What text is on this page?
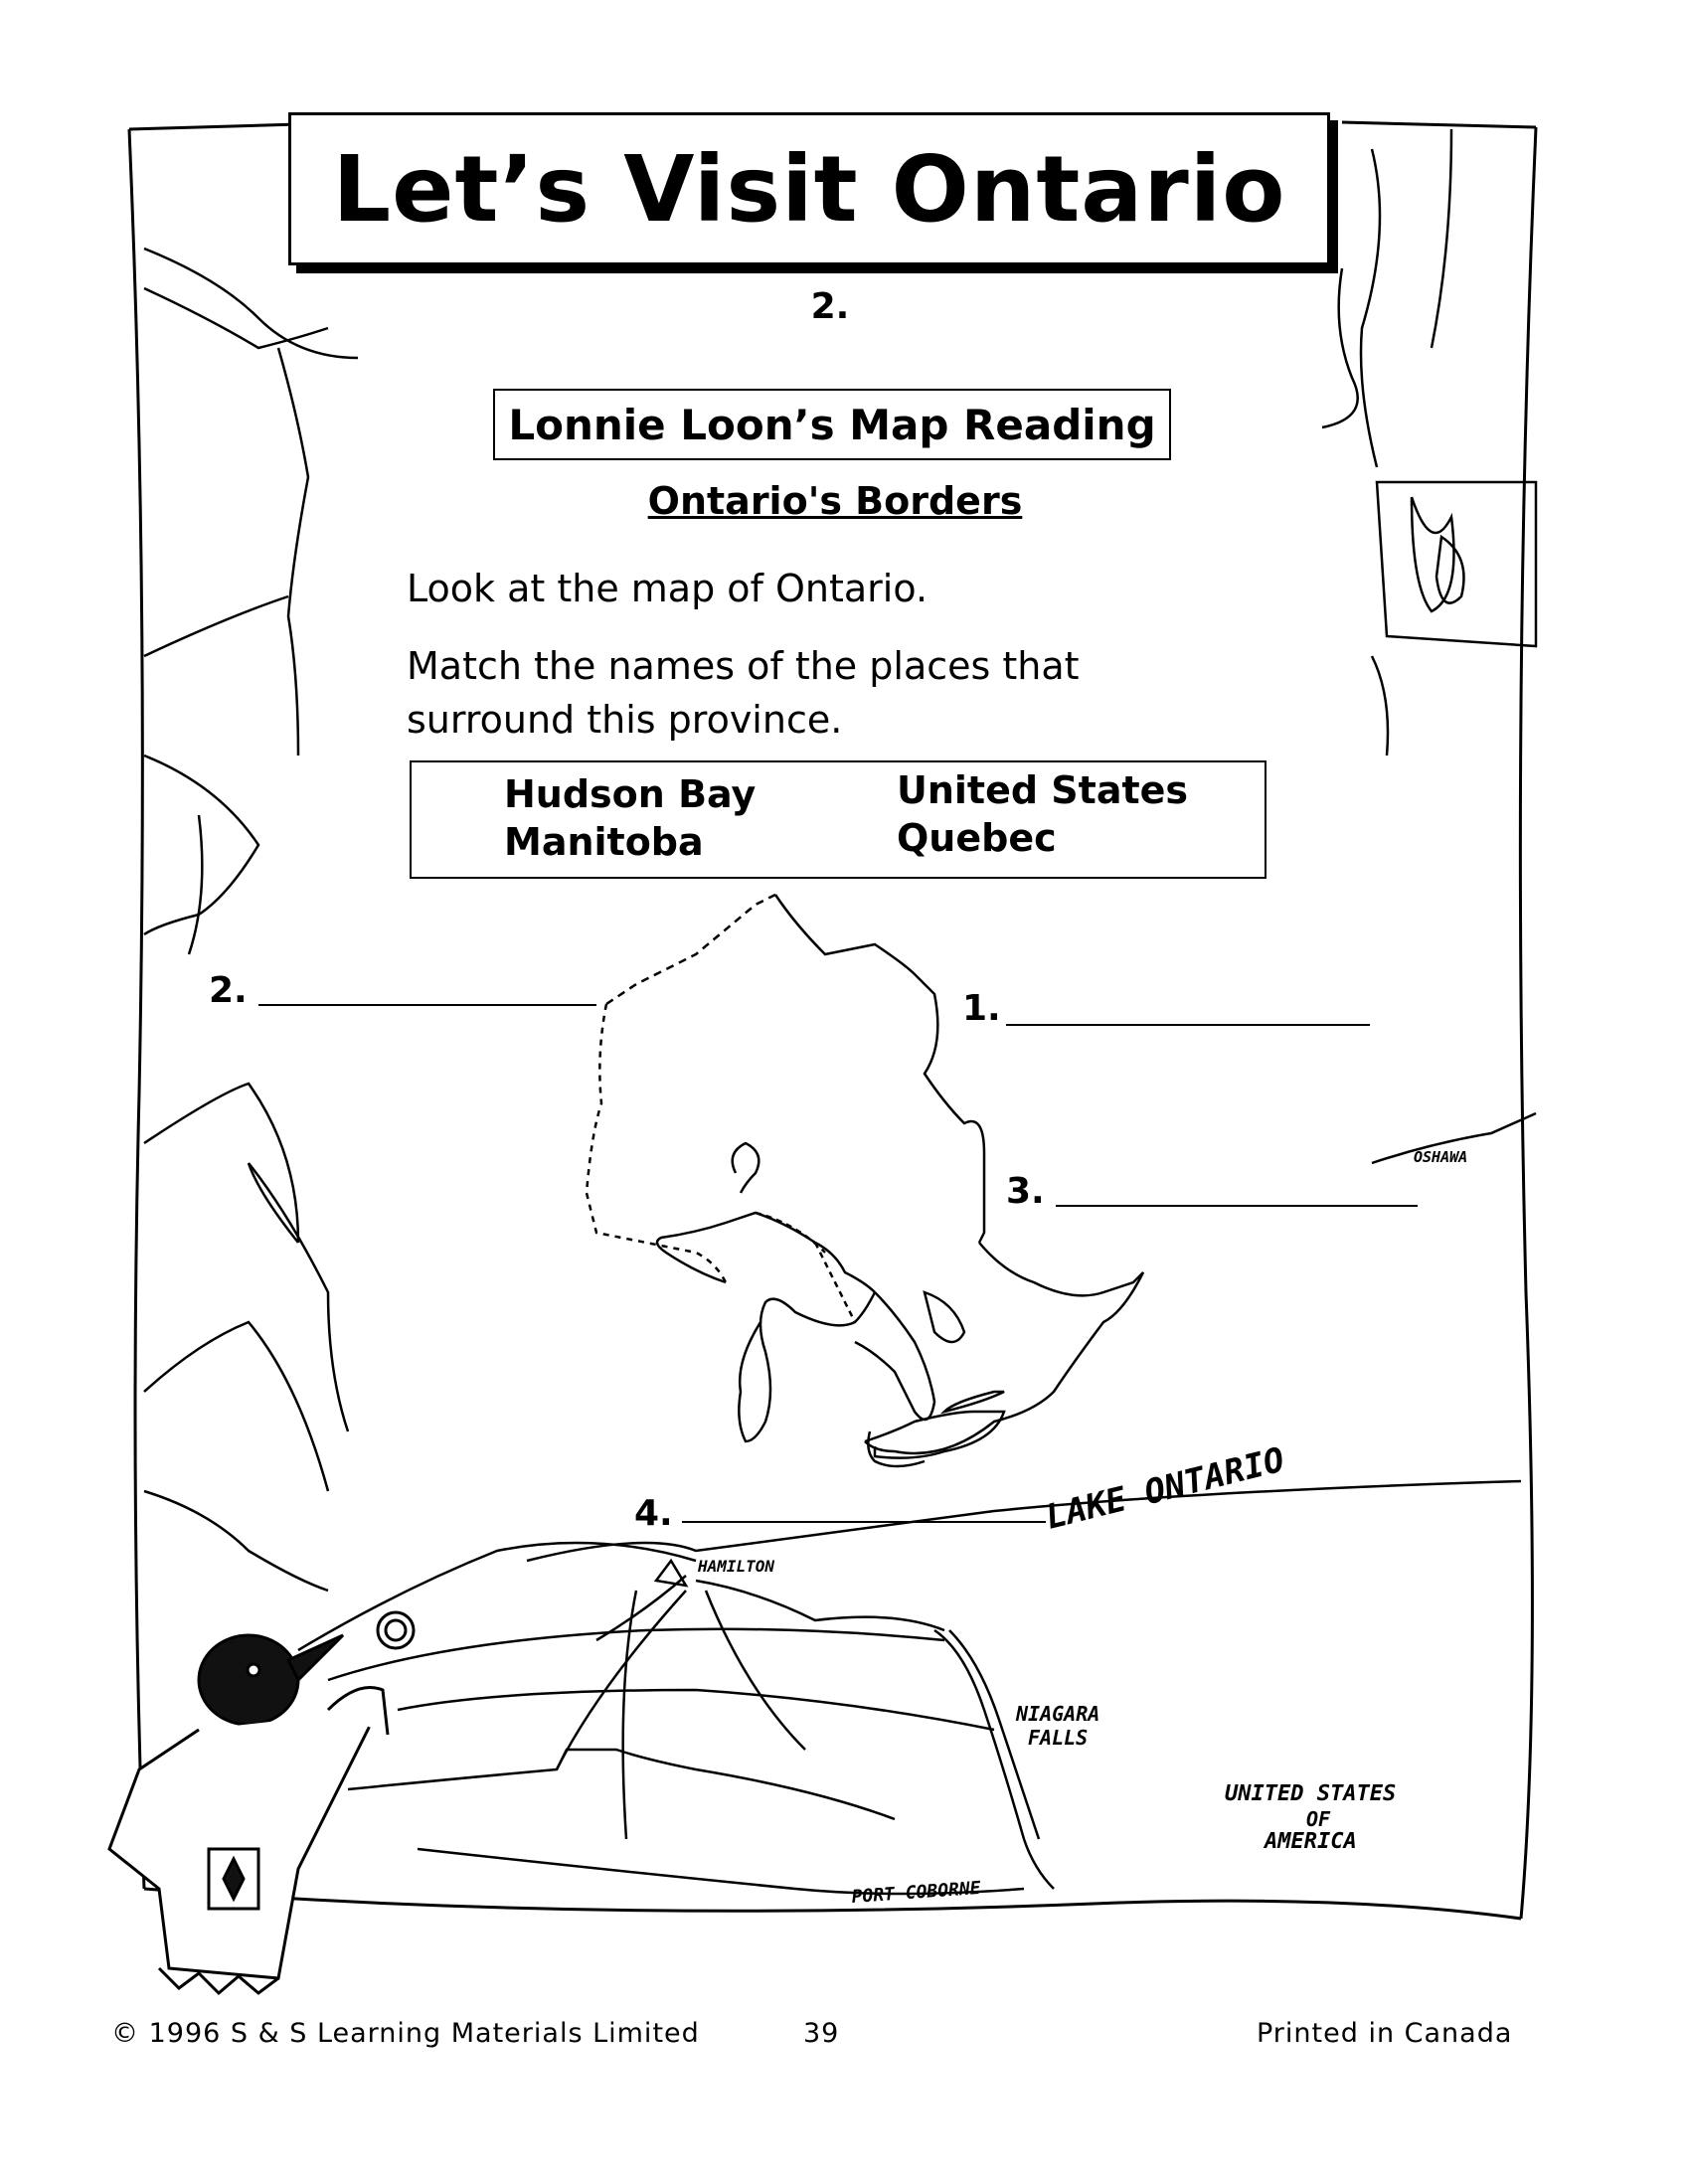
Let’s Visit Ontario
2.
Lonnie Loon’s Map Reading
Ontario's Borders
Look at the map of Ontario.
Match the names of the places that
surround this province.
Hudson Bay	United States
Manitoba	Quebec
2.	1.
3.
4.	LAKE ONTARIO
HAMILTON
OSHAWA
NIAGARA
FALLS
UNITED STATES
OF
AMERICA
PORT COBORNE
© 1996 S & S Learning Materials Limited	39	Printed in Canada
